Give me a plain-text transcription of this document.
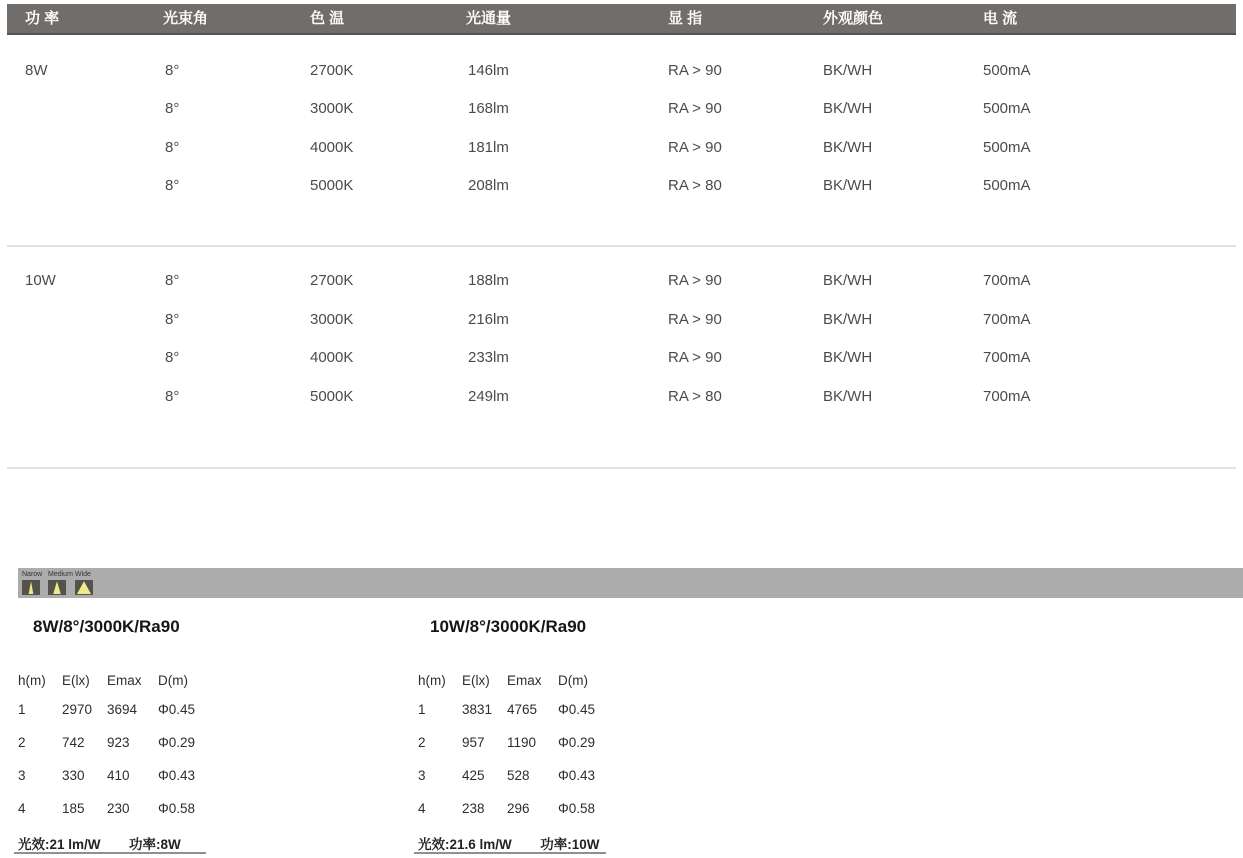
功 率	光束角	色 温	光通量	显 指	外观颜色	电 流
8W	8°	2700K	146lm	RA > 90	BK/WH	500mA
8°	3000K	168lm	RA > 90	BK/WH	500mA
8°	4000K	181lm	RA > 90	BK/WH	500mA
8°	5000K	208lm	RA > 80	BK/WH	500mA
10W	8°	2700K	188lm	RA > 90	BK/WH	700mA
8°	3000K	216lm	RA > 90	BK/WH	700mA
8°	4000K	233lm	RA > 90	BK/WH	700mA
8°	5000K	249lm	RA > 80	BK/WH	700mA
Narow Medium Wide
8W/8°/3000K/Ra90
h(m) E(lx) Emax D(m)
1	2970 3694 Φ0.45
2	742 923 Φ0.29
3	330 410 Φ0.43
4	185 230 Φ0.58
光效:21 lm/W 功率:8W
10W/8°/3000K/Ra90
h(m) E(lx) Emax D(m)
1	3831 4765 Φ0.45
2	957 1190 Φ0.29
3	425 528 Φ0.43
4	238 296 Φ0.58
光效:21.6 lm/W 功率:10W
